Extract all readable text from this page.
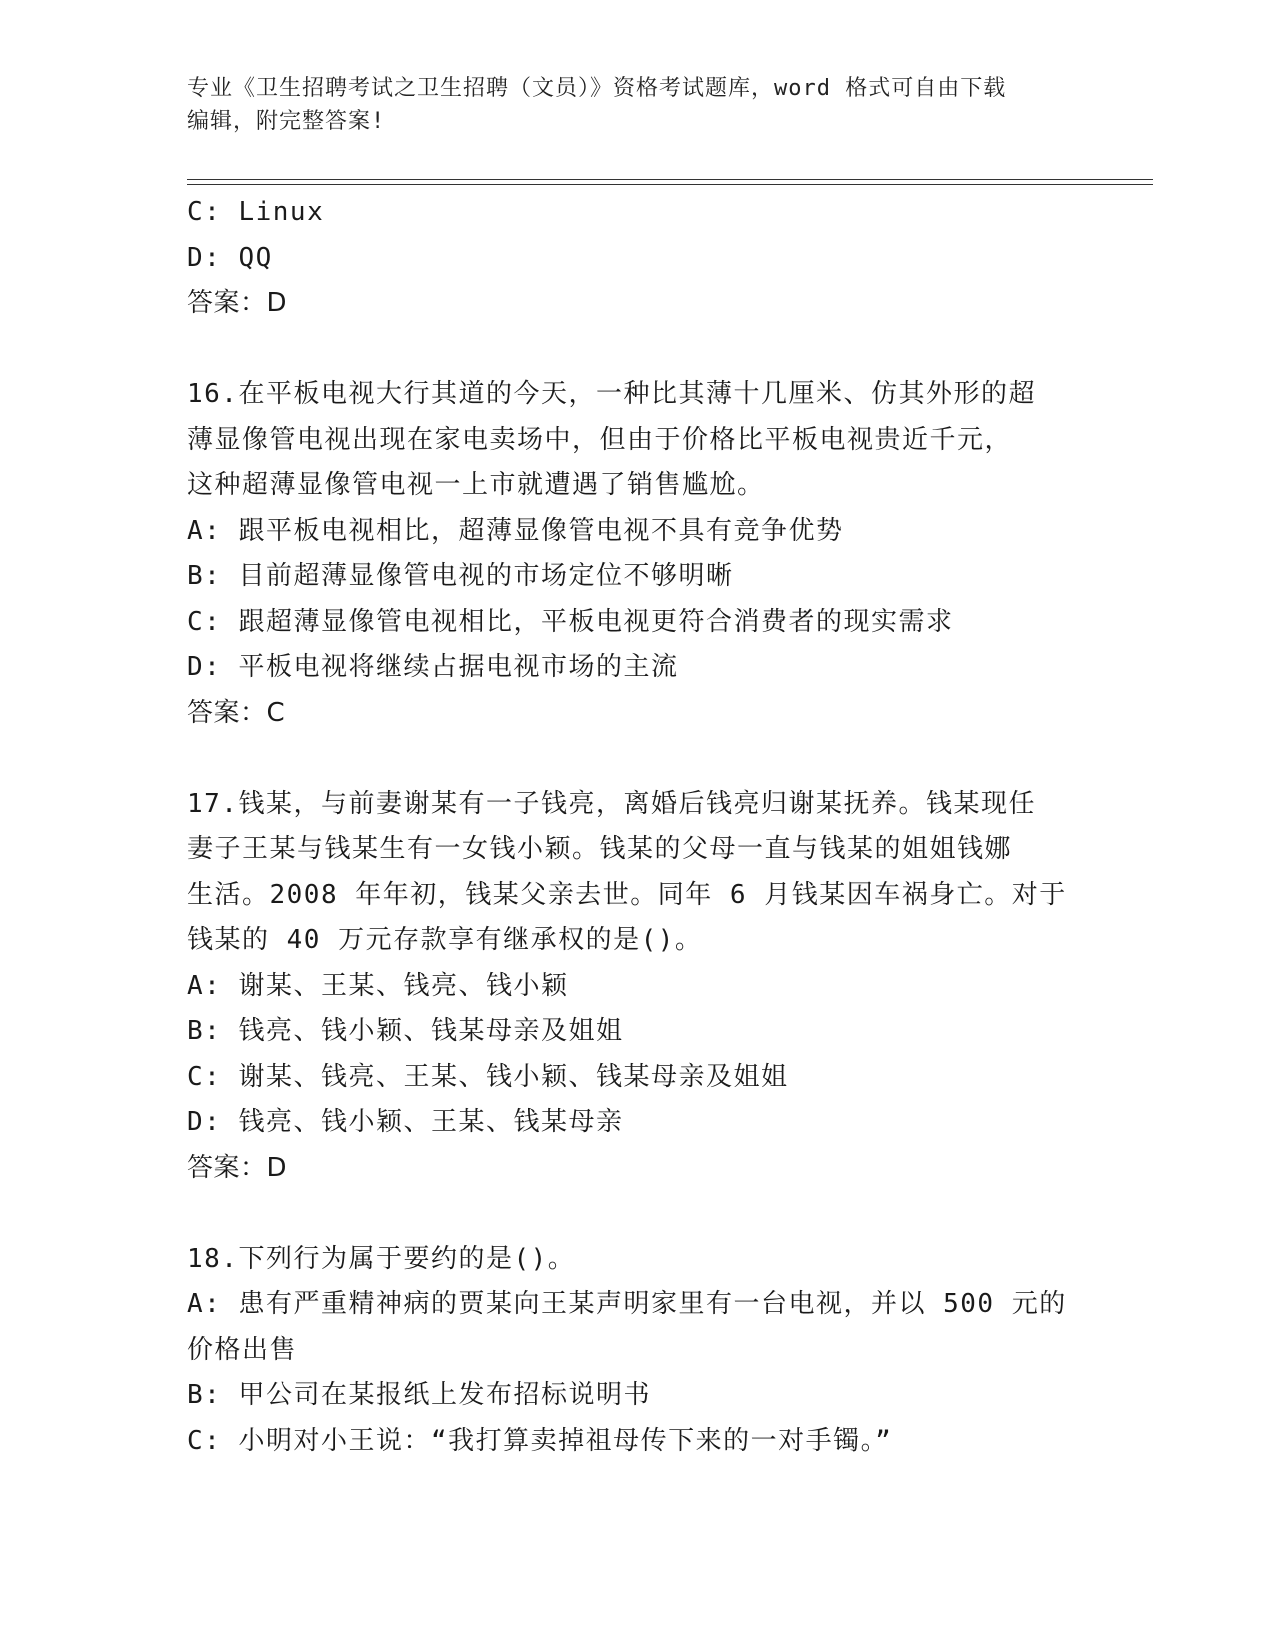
专业《卫生招聘考试之卫生招聘（文员）》资格考试题库，word 格式可自由下载
编辑，附完整答案!
C: Linux
D: QQ
答案：D
16.在平板电视大行其道的今天，一种比其薄十几厘米、仿其外形的超
薄显像管电视出现在家电卖场中，但由于价格比平板电视贵近千元，
这种超薄显像管电视一上市就遭遇了销售尴尬。
A: 跟平板电视相比，超薄显像管电视不具有竞争优势
B: 目前超薄显像管电视的市场定位不够明晰
C: 跟超薄显像管电视相比，平板电视更符合消费者的现实需求
D: 平板电视将继续占据电视市场的主流
答案：C
17.钱某，与前妻谢某有一子钱亮，离婚后钱亮归谢某抚养。钱某现任
妻子王某与钱某生有一女钱小颖。钱某的父母一直与钱某的姐姐钱娜
生活。2008 年年初，钱某父亲去世。同年 6 月钱某因车祸身亡。对于
钱某的 40 万元存款享有继承权的是()。
A: 谢某、王某、钱亮、钱小颖
B: 钱亮、钱小颖、钱某母亲及姐姐
C: 谢某、钱亮、王某、钱小颖、钱某母亲及姐姐
D: 钱亮、钱小颖、王某、钱某母亲
答案：D
18.下列行为属于要约的是()。
A: 患有严重精神病的贾某向王某声明家里有一台电视，并以 500 元的
价格出售
B: 甲公司在某报纸上发布招标说明书
C: 小明对小王说：“我打算卖掉祖母传下来的一对手镯。”
